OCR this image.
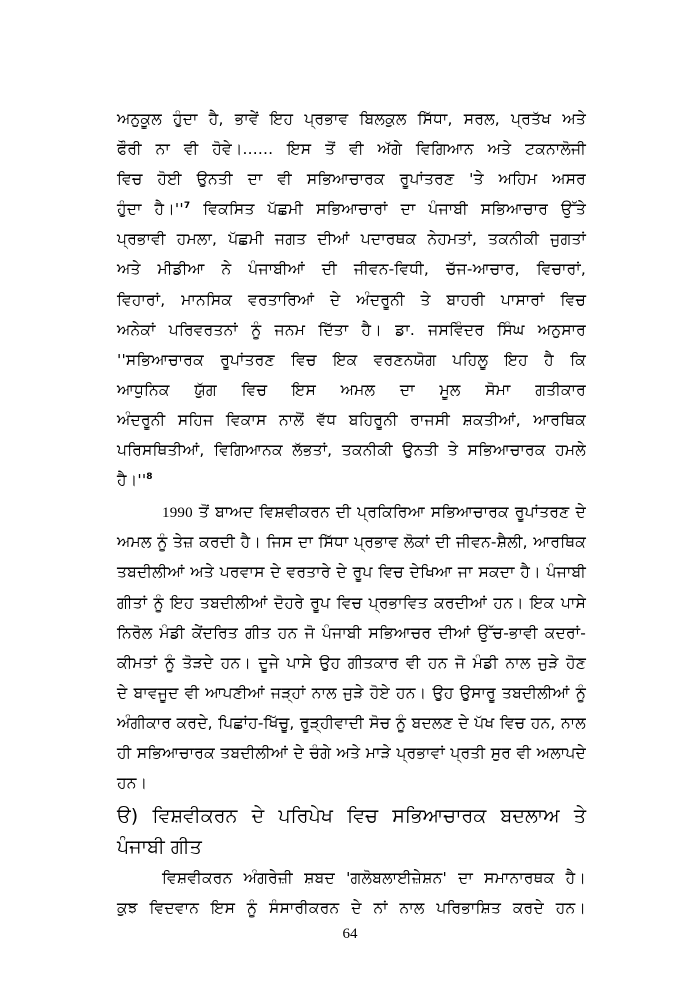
ਅਨੁਕੂਲ ਹੁੰਦਾ ਹੈ, ਭਾਵੇਂ ਇਹ ਪ੍ਰਭਾਵ ਬਿਲਕੁਲ ਸਿੱਧਾ, ਸਰਲ, ਪ੍ਰਤੱਖ ਅਤੇ
ਫੌਰੀ ਨਾ ਵੀ ਹੋਵੇ।...... ਇਸ ਤੋਂ ਵੀ ਅੱਗੇ ਵਿਗਿਆਨ ਅਤੇ ਟਕਨਾਲੋਜੀ
ਵਿਚ ਹੋਈ ਉਨਤੀ ਦਾ ਵੀ ਸਭਿਆਚਾਰਕ ਰੂਪਾਂਤਰਣ 'ਤੇ ਅਹਿਮ ਅਸਰ
ਹੁੰਦਾ $ਹੈ।''^7$ ਵਿਕਸਿਤ ਪੱਛਮੀ ਸਭਿਆਚਾਰਾਂ ਦਾ ਪੰਜਾਬੀ ਸਭਿਆਚਾਰ ਉੱਤੇ
ਪ੍ਰਭਾਵੀ ਹਮਲਾ, ਪੱਛਮੀ ਜਗਤ ਦੀਆਂ ਪਦਾਰਥਕ ਨੇਹਮਤਾਂ, ਤਕਨੀਕੀ ਜੁਗਤਾਂ
ਅਤੇ ਮੀਡੀਆ ਨੇ ਪੰਜਾਬੀਆਂ ਦੀ ਜੀਵਨ-ਵਿਧੀ, ਚੱਜ-ਆਚਾਰ, ਵਿਚਾਰਾਂ,
ਵਿਹਾਰਾਂ, ਮਾਨਸਿਕ ਵਰਤਾਰਿਆਂ ਦੇ ਅੰਦਰੂਨੀ ਤੇ ਬਾਹਰੀ ਪਾਸਾਰਾਂ ਵਿਚ
ਅਨੇਕਾਂ ਪਰਿਵਰਤਨਾਂ ਨੂੰ ਜਨਮ ਦਿੱਤਾ ਹੈ। ਡਾ. ਜਸਵਿੰਦਰ ਸਿੰਘ ਅਨੁਸਾਰ
''ਸਭਿਆਚਾਰਕ ਰੂਪਾਂਤਰਣ ਵਿਚ ਇਕ ਵਰਣਨਯੋਗ ਪਹਿਲੂ ਇਹ ਹੈ ਕਿ
ਆਧੁਨਿਕ ਯੁੱਗ ਵਿਚ ਇਸ ਅਮਲ ਦਾ ਮੂਲ ਸੋਮਾ ਗਤੀਕਾਰ
ਅੰਦਰੂਨੀ ਸਹਿਜ ਵਿਕਾਸ ਨਾਲੋਂ ਵੱਧ ਬਹਿਰੂਨੀ ਰਾਜਸੀ ਸ਼ਕਤੀਆਂ, ਆਰਥਿਕ
ਪਰਿਸਥਿਤੀਆਂ, ਵਿਗਿਆਨਕ ਲੱਭਤਾਂ, ਤਕਨੀਕੀ ਉਨਤੀ ਤੇ ਸਭਿਆਚਾਰਕ ਹਮਲੇ
$ਹੈ।''^8$
1990 ਤੋਂ ਬਾਅਦ ਵਿਸ਼ਵੀਕਰਨ ਦੀ ਪ੍ਰਕਿਰਿਆ ਸਭਿਆਚਾਰਕ ਰੂਪਾਂਤਰਣ ਦੇ
ਅਮਲ ਨੂੰ ਤੇਜ਼ ਕਰਦੀ ਹੈ। ਜਿਸ ਦਾ ਸਿੱਧਾ ਪ੍ਰਭਾਵ ਲੋਕਾਂ ਦੀ ਜੀਵਨ-ਸ਼ੈਲੀ, ਆਰਥਿਕ
ਤਬਦੀਲੀਆਂ ਅਤੇ ਪਰਵਾਸ ਦੇ ਵਰਤਾਰੇ ਦੇ ਰੂਪ ਵਿਚ ਦੇਖਿਆ ਜਾ ਸਕਦਾ ਹੈ। ਪੰਜਾਬੀ
ਗੀਤਾਂ ਨੂੰ ਇਹ ਤਬਦੀਲੀਆਂ ਦੋਹਰੇ ਰੂਪ ਵਿਚ ਪ੍ਰਭਾਵਿਤ ਕਰਦੀਆਂ ਹਨ। ਇਕ ਪਾਸੇ
ਨਿਰੋਲ ਮੰਡੀ ਕੇਂਦਰਿਤ ਗੀਤ ਹਨ ਜੋ ਪੰਜਾਬੀ ਸਭਿਆਚਰ ਦੀਆਂ ਉੱਚ-ਭਾਵੀ ਕਦਰਾਂ-
ਕੀਮਤਾਂ ਨੂੰ ਤੋੜਦੇ ਹਨ। ਦੂਜੇ ਪਾਸੇ ਉਹ ਗੀਤਕਾਰ ਵੀ ਹਨ ਜੋ ਮੰਡੀ ਨਾਲ ਜੁੜੇ ਹੋਣ
ਦੇ ਬਾਵਜੂਦ ਵੀ ਆਪਣੀਆਂ ਜੜ੍ਹਾਂ ਨਾਲ ਜੁੜੇ ਹੋਏ ਹਨ। ਉਹ ਉਸਾਰੂ ਤਬਦੀਲੀਆਂ ਨੂੰ
ਅੰਗੀਕਾਰ ਕਰਦੇ, ਪਿਛਾਂਹ-ਖਿੱਚੂ, ਰੂੜ੍ਹੀਵਾਦੀ ਸੋਚ ਨੂੰ ਬਦਲਣ ਦੇ ਪੱਖ ਵਿਚ ਹਨ, ਨਾਲ
ਹੀ ਸਭਿਆਚਾਰਕ ਤਬਦੀਲੀਆਂ ਦੇ ਚੰਗੇ ਅਤੇ ਮਾੜੇ ਪ੍ਰਭਾਵਾਂ ਪ੍ਰਤੀ ਸੁਰ ਵੀ ਅਲਾਪਦੇ
ਹਨ।
ੳ) ਵਿਸ਼ਵੀਕਰਨ ਦੇ ਪਰਿਪੇਖ ਵਿਚ ਸਭਿਆਚਾਰਕ ਬਦਲਾਅ ਤੇ
ਪੰਜਾਬੀ ਗੀਤ
ਵਿਸ਼ਵੀਕਰਨ ਅੰਗਰੇਜ਼ੀ ਸ਼ਬਦ 'ਗਲੋਬਲਾਈਜ਼ੇਸ਼ਨ' ਦਾ ਸਮਾਨਾਰਥਕ ਹੈ।
ਕੁਝ ਵਿਦਵਾਨ ਇਸ ਨੂੰ ਸੰਸਾਰੀਕਰਨ ਦੇ ਨਾਂ ਨਾਲ ਪਰਿਭਾਸ਼ਿਤ ਕਰਦੇ ਹਨ।
64
